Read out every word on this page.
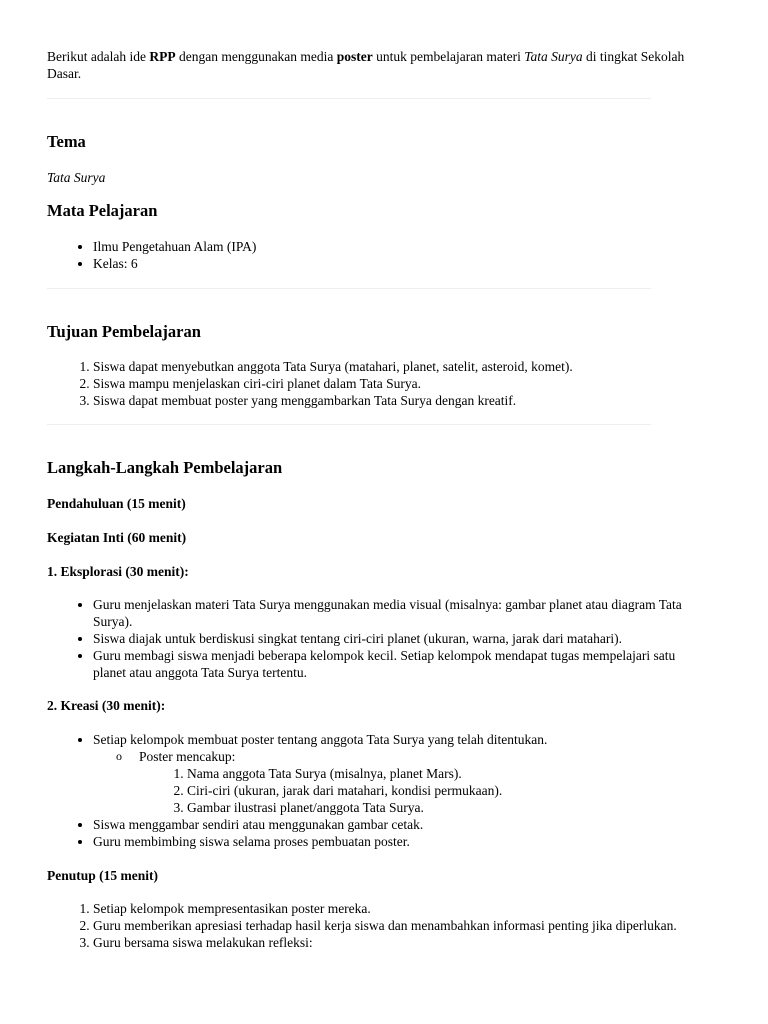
Berikut adalah ide RPP dengan menggunakan media poster untuk pembelajaran materi Tata Surya di tingkat Sekolah Dasar.

Tema

Tata Surya

Mata Pelajaran
• Ilmu Pengetahuan Alam (IPA)
• Kelas: 6
Tujuan Pembelajaran
1. Siswa dapat menyebutkan anggota Tata Surya (matahari, planet, satelit, asteroid, komet).
2. Siswa mampu menjelaskan ciri-ciri planet dalam Tata Surya.
3. Siswa dapat membuat poster yang menggambarkan Tata Surya dengan kreatif.
Langkah-Langkah Pembelajaran
Pendahuluan (15 menit)
Kegiatan Inti (60 menit)
1. Eksplorasi (30 menit):
• Guru menjelaskan materi Tata Surya menggunakan media visual (misalnya: gambar planet atau diagram Tata Surya).
• Siswa diajak untuk berdiskusi singkat tentang ciri-ciri planet (ukuran, warna, jarak dari matahari).
• Guru membagi siswa menjadi beberapa kelompok kecil. Setiap kelompok mendapat tugas mempelajari satu planet atau anggota Tata Surya tertentu.
2. Kreasi (30 menit):
• Setiap kelompok membuat poster tentang anggota Tata Surya yang telah ditentukan.
o Poster mencakup:
1. Nama anggota Tata Surya (misalnya, planet Mars).
2. Ciri-ciri (ukuran, jarak dari matahari, kondisi permukaan).
3. Gambar ilustrasi planet/anggota Tata Surya.
• Siswa menggambar sendiri atau menggunakan gambar cetak.
• Guru membimbing siswa selama proses pembuatan poster.
Penutup (15 menit)
1. Setiap kelompok mempresentasikan poster mereka.
2. Guru memberikan apresiasi terhadap hasil kerja siswa dan menambahkan informasi penting jika diperlukan.
3. Guru bersama siswa melakukan refleksi:
